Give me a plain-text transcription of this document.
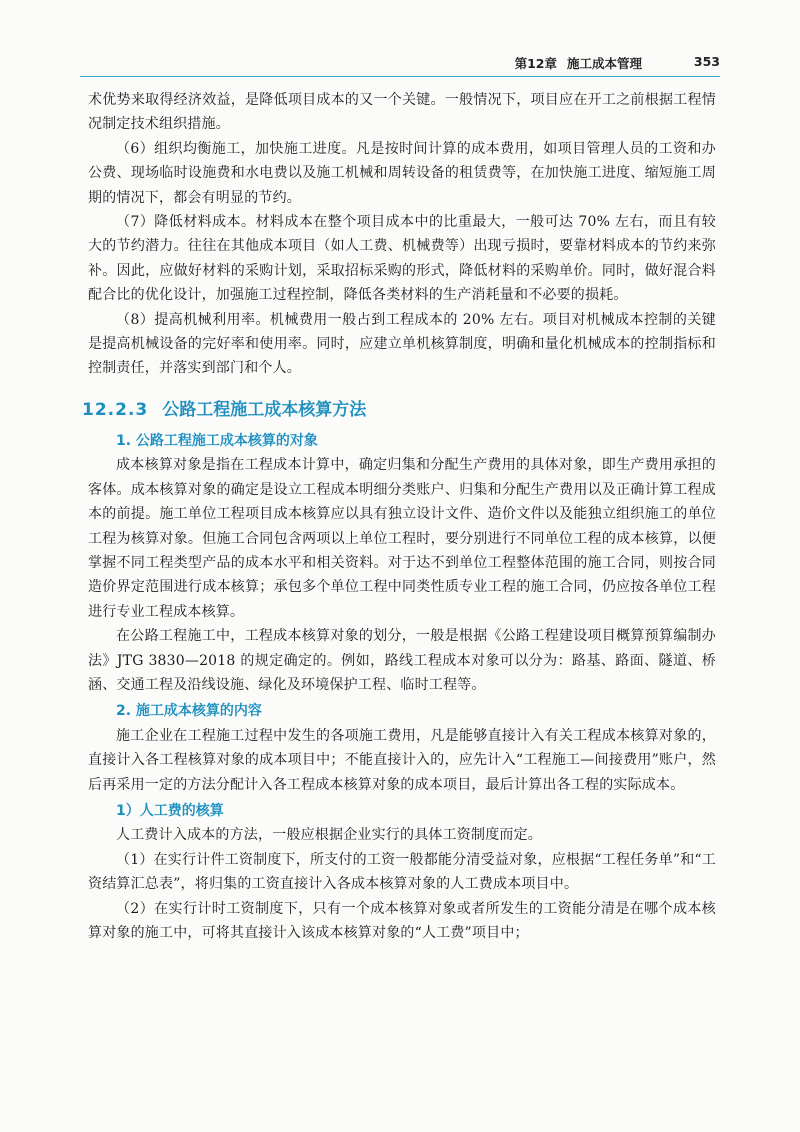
第12章 施工成本管理	353

术优势来取得经济效益，是降低项目成本的又一个关键。一般情况下，项目应在开工之前根据工程情况制定技术组织措施。

（6）组织均衡施工，加快施工进度。凡是按时间计算的成本费用，如项目管理人员的工资和办公费、现场临时设施费和水电费以及施工机械和周转设备的租赁费等，在加快施工进度、缩短施工周期的情况下，都会有明显的节约。

（7）降低材料成本。材料成本在整个项目成本中的比重最大，一般可达 70% 左右，而且有较大的节约潜力。往往在其他成本项目（如人工费、机械费等）出现亏损时，要靠材料成本的节约来弥补。因此，应做好材料的采购计划，采取招标采购的形式，降低材料的采购单价。同时，做好混合料配合比的优化设计，加强施工过程控制，降低各类材料的生产消耗量和不必要的损耗。

（8）提高机械利用率。机械费用一般占到工程成本的 20% 左右。项目对机械成本控制的关键是提高机械设备的完好率和使用率。同时，应建立单机核算制度，明确和量化机械成本的控制指标和控制责任，并落实到部门和个人。

12.2.3 公路工程施工成本核算方法
1. 公路工程施工成本核算的对象

成本核算对象是指在工程成本计算中，确定归集和分配生产费用的具体对象，即生产费用承担的客体。成本核算对象的确定是设立工程成本明细分类账户、归集和分配生产费用以及正确计算工程成本的前提。施工单位工程项目成本核算应以具有独立设计文件、造价文件以及能独立组织施工的单位工程为核算对象。但施工合同包含两项以上单位工程时，要分别进行不同单位工程的成本核算，以便掌握不同工程类型产品的成本水平和相关资料。对于达不到单位工程整体范围的施工合同，则按合同造价界定范围进行成本核算；承包多个单位工程中同类性质专业工程的施工合同，仍应按各单位工程进行专业工程成本核算。

在公路工程施工中，工程成本核算对象的划分，一般是根据《公路工程建设项目概算预算编制办法》JTG 3830—2018 的规定确定的。例如，路线工程成本对象可以分为：路基、路面、隧道、桥涵、交通工程及沿线设施、绿化及环境保护工程、临时工程等。

2. 施工成本核算的内容

施工企业在工程施工过程中发生的各项施工费用，凡是能够直接计入有关工程成本核算对象的，直接计入各工程核算对象的成本项目中；不能直接计入的，应先计入“工程施工—间接费用”账户，然后再采用一定的方法分配计入各工程成本核算对象的成本项目，最后计算出各工程的实际成本。

1）人工费的核算

人工费计入成本的方法，一般应根据企业实行的具体工资制度而定。

（1）在实行计件工资制度下，所支付的工资一般都能分清受益对象，应根据“工程任务单”和“工资结算汇总表”，将归集的工资直接计入各成本核算对象的人工费成本项目中。

（2）在实行计时工资制度下，只有一个成本核算对象或者所发生的工资能分清是在哪个成本核算对象的施工中，可将其直接计入该成本核算对象的“人工费”项目中；
